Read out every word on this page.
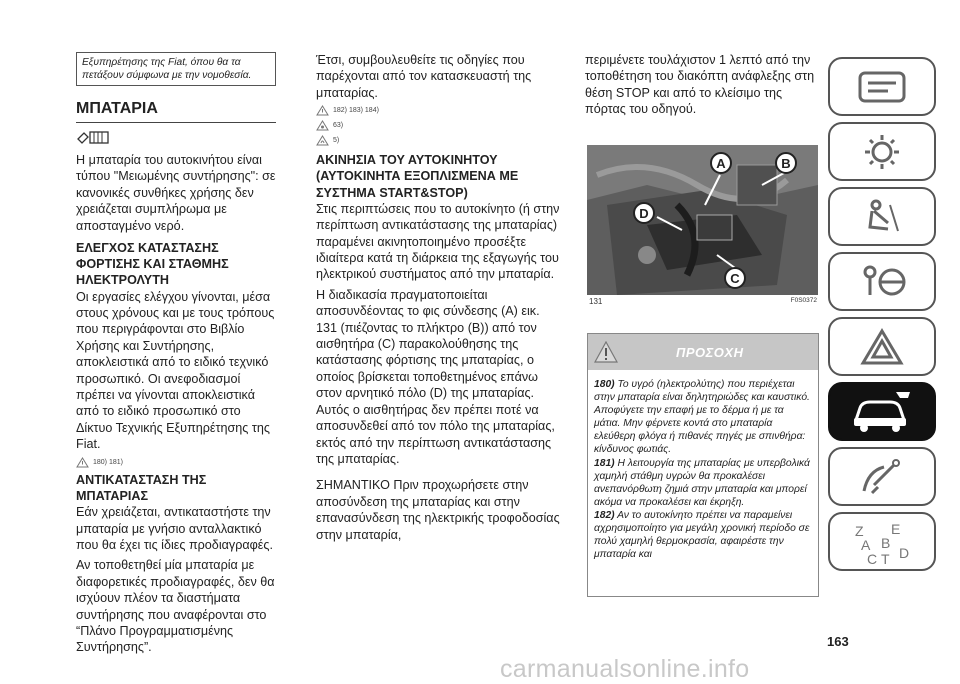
Εξυπηρέτησης της Fiat, όπου θα τα πετάξουν σύμφωνα με την νομοθεσία.
ΜΠΑΤΑΡΙΑ

Η μπαταρία του αυτοκινήτου είναι τύπου "Μειωμένης συντήρησης": σε κανονικές συνθήκες χρήσης δεν χρειάζεται συμπλήρωμα με αποσταγμένο νερό.

ΕΛΕΓΧΟΣ ΚΑΤΑΣΤΑΣΗΣ ΦΟΡΤΙΣΗΣ ΚΑΙ ΣΤΑΘΜΗΣ ΗΛΕΚΤΡΟΛΥΤΗ

Οι εργασίες ελέγχου γίνονται, μέσα στους χρόνους και με τους τρόπους που περιγράφονται στο Βιβλίο Χρήσης και Συντήρησης, αποκλειστικά από το ειδικό τεχνικό προσωπικό. Οι ανεφοδιασμοί πρέπει να γίνονται αποκλειστικά από το ειδικό προσωπικό στο Δίκτυο Τεχνικής Εξυπηρέτησης της Fiat.

180) 181)

ΑΝΤΙΚΑΤΑΣΤΑΣΗ ΤΗΣ ΜΠΑΤΑΡΙΑΣ

Εάν χρειάζεται, αντικαταστήστε την μπαταρία με γνήσιο ανταλλακτικό που θα έχει τις ίδιες προδιαγραφές.

Αν τοποθετηθεί μία μπαταρία με διαφορετικές προδιαγραφές, δεν θα ισχύουν πλέον τα διαστήματα συντήρησης που αναφέρονται στο “Πλάνο Προγραμματισμένης Συντήρησης”.

Έτσι, συμβουλευθείτε τις οδηγίες που παρέχονται από τον κατασκευαστή της μπαταρίας.

182) 183) 184)
63)
5)

ΑΚΙΝΗΣΙΑ ΤΟΥ ΑΥΤΟΚΙΝΗΤΟΥ (ΑΥΤΟΚΙΝΗΤΑ ΕΞΟΠΛΙΣΜΕΝΑ ΜΕ ΣΥΣΤΗΜΑ START&STOP)

Στις περιπτώσεις που το αυτοκίνητο (ή στην περίπτωση αντικατάστασης της μπαταρίας) παραμένει ακινητοποιημένο προσέξτε ιδιαίτερα κατά τη διάρκεια της εξαγωγής του ηλεκτρικού συστήματος από την μπαταρία.

Η διαδικασία πραγματοποιείται αποσυνδέοντας το φις σύνδεσης (A) εικ. 131 (πιέζοντας το πλήκτρο (B)) από τον αισθητήρα (C) παρακολούθησης της κατάστασης φόρτισης της μπαταρίας, ο οποίος βρίσκεται τοποθετημένος επάνω στον αρνητικό πόλο (D) της μπαταρίας. Αυτός ο αισθητήρας δεν πρέπει ποτέ να αποσυνδεθεί από τον πόλο της μπαταρίας, εκτός από την περίπτωση αντικατάστασης της μπαταρίας.

ΣΗΜΑΝΤΙΚΟ Πριν προχωρήσετε στην αποσύνδεση της μπαταρίας και στην επανασύνδεση της ηλεκτρικής τροφοδοσίας στην μπαταρία,

περιμένετε τουλάχιστον 1 λεπτό από την τοποθέτηση του διακόπτη ανάφλεξης στη θέση STOP και από το κλείσιμο της πόρτας του οδηγού.

A	B
C
D
131	F0S0372
ΠΡΟΣΟΧΗ
180) Το υγρό (ηλεκτρολύτης) που περιέχεται στην μπαταρία είναι δηλητηριώδες και καυστικό. Αποφύγετε την επαφή με το δέρμα ή με τα μάτια. Μην φέρνετε κοντά στο μπαταρία ελεύθερη φλόγα ή πιθανές πηγές με σπινθήρα: κίνδυνος φωτιάς.
181) Η λειτουργία της μπαταρίας με υπερβολικά χαμηλή στάθμη υγρών θα προκαλέσει ανεπανόρθωτη ζημιά στην μπαταρία και μπορεί ακόμα να προκαλέσει και έκρηξη.
182) Αν το αυτοκίνητο πρέπει να παραμείνει αχρησιμοποίητο για μεγάλη χρονική περίοδο σε πολύ χαμηλή θερμοκρασία, αφαιρέστε την μπαταρία και
Z E
A B
C T D
163
carmanualsonline.info
